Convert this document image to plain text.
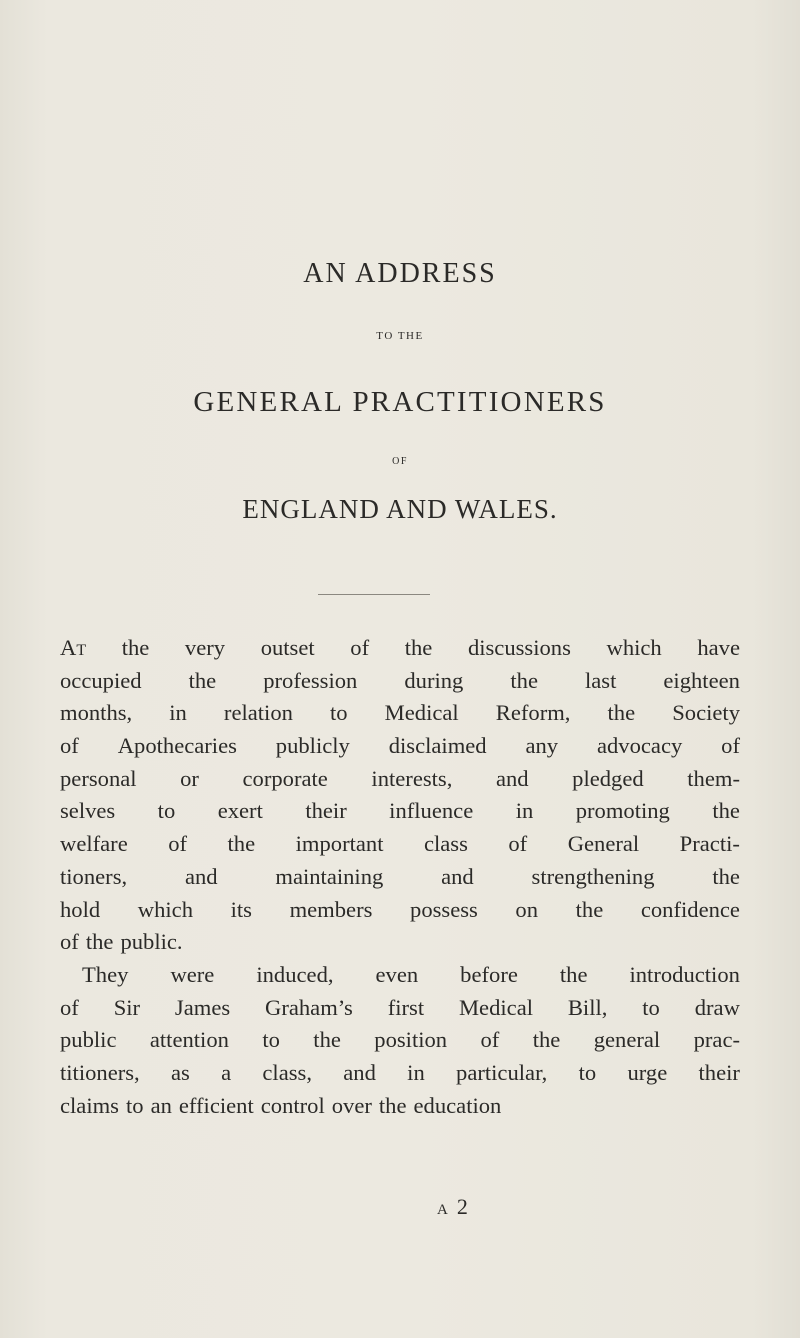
AN ADDRESS
TO THE
GENERAL PRACTITIONERS
OF
ENGLAND AND WALES.
At the very outset of the discussions which have
occupied the profession during the last eighteen
months, in relation to Medical Reform, the Society
of Apothecaries publicly disclaimed any advocacy of
personal or corporate interests, and pledged them-
selves to exert their influence in promoting the
welfare of the important class of General Practi-
tioners,	and	maintaining	and	strengthening	the
hold which its members possess on the confidence
of the public.
They were induced, even before the introduction
of Sir James Graham’s first Medical Bill, to draw
public attention to the position of the general prac-
titioners, as a class, and in particular, to urge their
claims to an efficient control over the education
A 2
